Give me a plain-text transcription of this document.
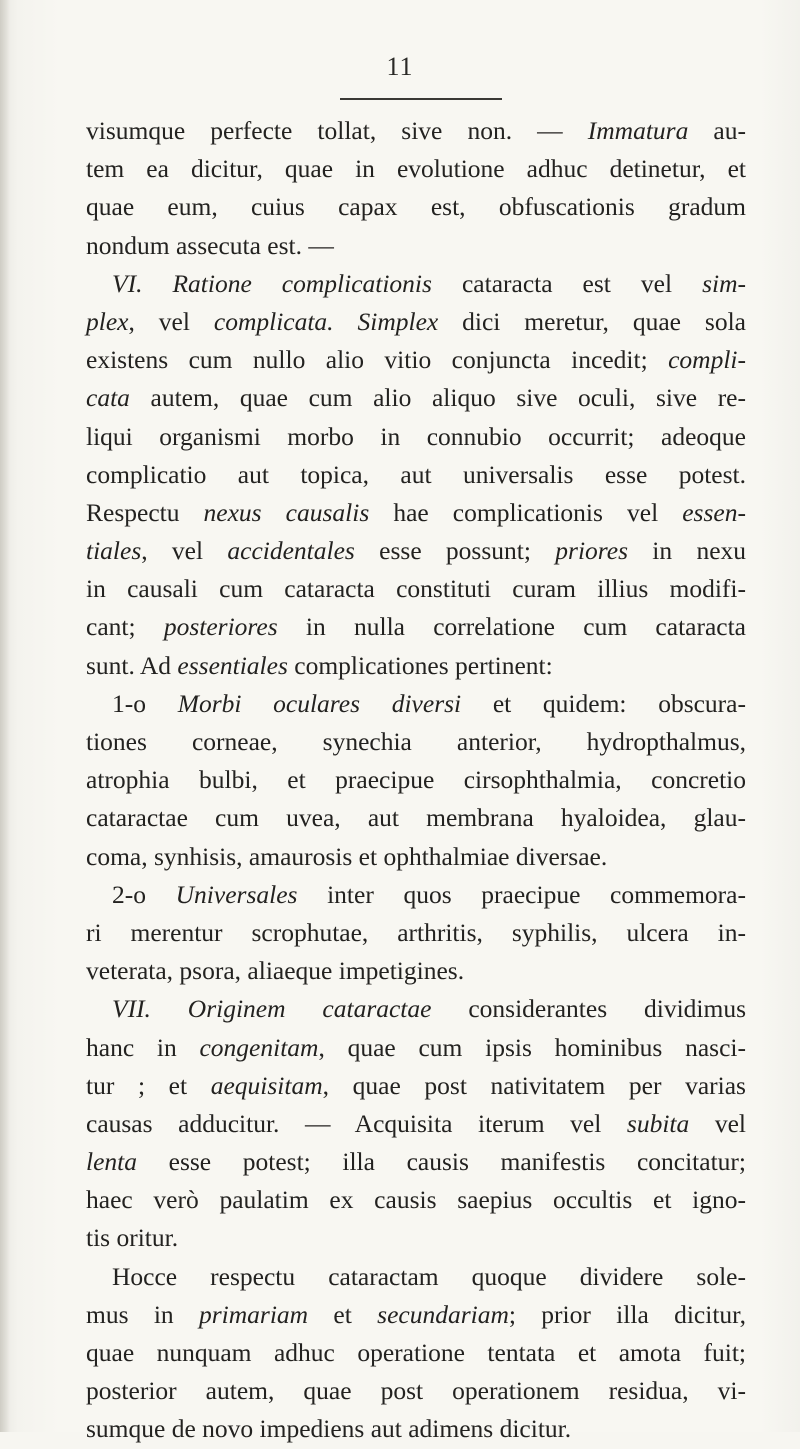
11
visumque perfecte tollat, sive non. — Immatura au-
tem ea dicitur, quae in evolutione adhuc detinetur, et
quae eum, cuius capax est, obfuscationis gradum
nondum assecuta est. —
VI. Ratione complicationis cataracta est vel sim-
plex, vel complicata. Simplex dici meretur, quae sola
existens cum nullo alio vitio conjuncta incedit; compli-
cata autem, quae cum alio aliquo sive oculi, sive re-
liqui organismi morbo in connubio occurrit; adeoque
complicatio aut topica, aut universalis esse potest.
Respectu nexus causalis hae complicationis vel essen-
tiales, vel accidentales esse possunt; priores in nexu
in causali cum cataracta constituti curam illius modifi-
cant; posteriores in nulla correlatione cum cataracta
sunt. Ad essentiales complicationes pertinent:
1-o Morbi oculares diversi et quidem: obscura-
tiones corneae, synechia anterior, hydropthalmus,
atrophia bulbi, et praecipue cirsophthalmia, concretio
cataractae cum uvea, aut membrana hyaloidea, glau-
coma, synhisis, amaurosis et ophthalmiae diversae.
2-o Universales inter quos praecipue commemora-
ri merentur scrophutae, arthritis, syphilis, ulcera in-
veterata, psora, aliaeque impetigines.
VII. Originem cataractae considerantes dividimus
hanc in congenitam, quae cum ipsis hominibus nasci-
tur ; et aequisitam, quae post nativitatem per varias
causas adducitur. — Acquisita iterum vel subita vel
lenta esse potest; illa causis manifestis concitatur;
haec verò paulatim ex causis saepius occultis et igno-
tis oritur.
Hocce respectu cataractam quoque dividere sole-
mus in primariam et secundariam; prior illa dicitur,
quae nunquam adhuc operatione tentata et amota fuit;
posterior autem, quae post operationem residua, vi-
sumque de novo impediens aut adimens dicitur.
